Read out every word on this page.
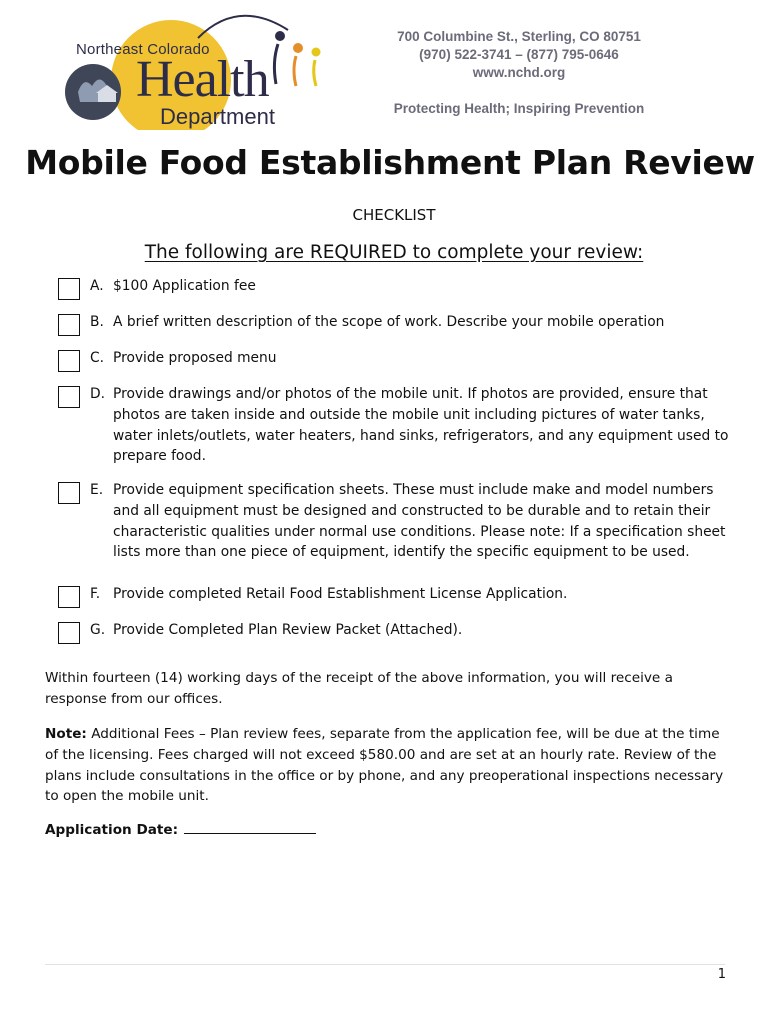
Northeast Colorado
Health
Department
700 Columbine St., Sterling, CO 80751
(970) 522-3741 – (877) 795-0646
www.nchd.org
Protecting Health; Inspiring Prevention
Mobile Food Establishment Plan Review
CHECKLIST
The following are REQUIRED to complete your review:
A. $100 Application fee
B. A brief written description of the scope of work. Describe your mobile operation
C. Provide proposed menu
D. Provide drawings and/or photos of the mobile unit. If photos are provided, ensure that photos are taken inside and outside the mobile unit including pictures of water tanks, water inlets/outlets, water heaters, hand sinks, refrigerators, and any equipment used to prepare food.
E. Provide equipment specification sheets. These must include make and model numbers and all equipment must be designed and constructed to be durable and to retain their characteristic qualities under normal use conditions. Please note: If a specification sheet lists more than one piece of equipment, identify the specific equipment to be used.
F. Provide completed Retail Food Establishment License Application.
G. Provide Completed Plan Review Packet (Attached).
Within fourteen (14) working days of the receipt of the above information, you will receive a response from our offices.
Note: Additional Fees – Plan review fees, separate from the application fee, will be due at the time of the licensing. Fees charged will not exceed $580.00 and are set at an hourly rate. Review of the plans include consultations in the office or by phone, and any preoperational inspections necessary to open the mobile unit.
Application Date:
1
